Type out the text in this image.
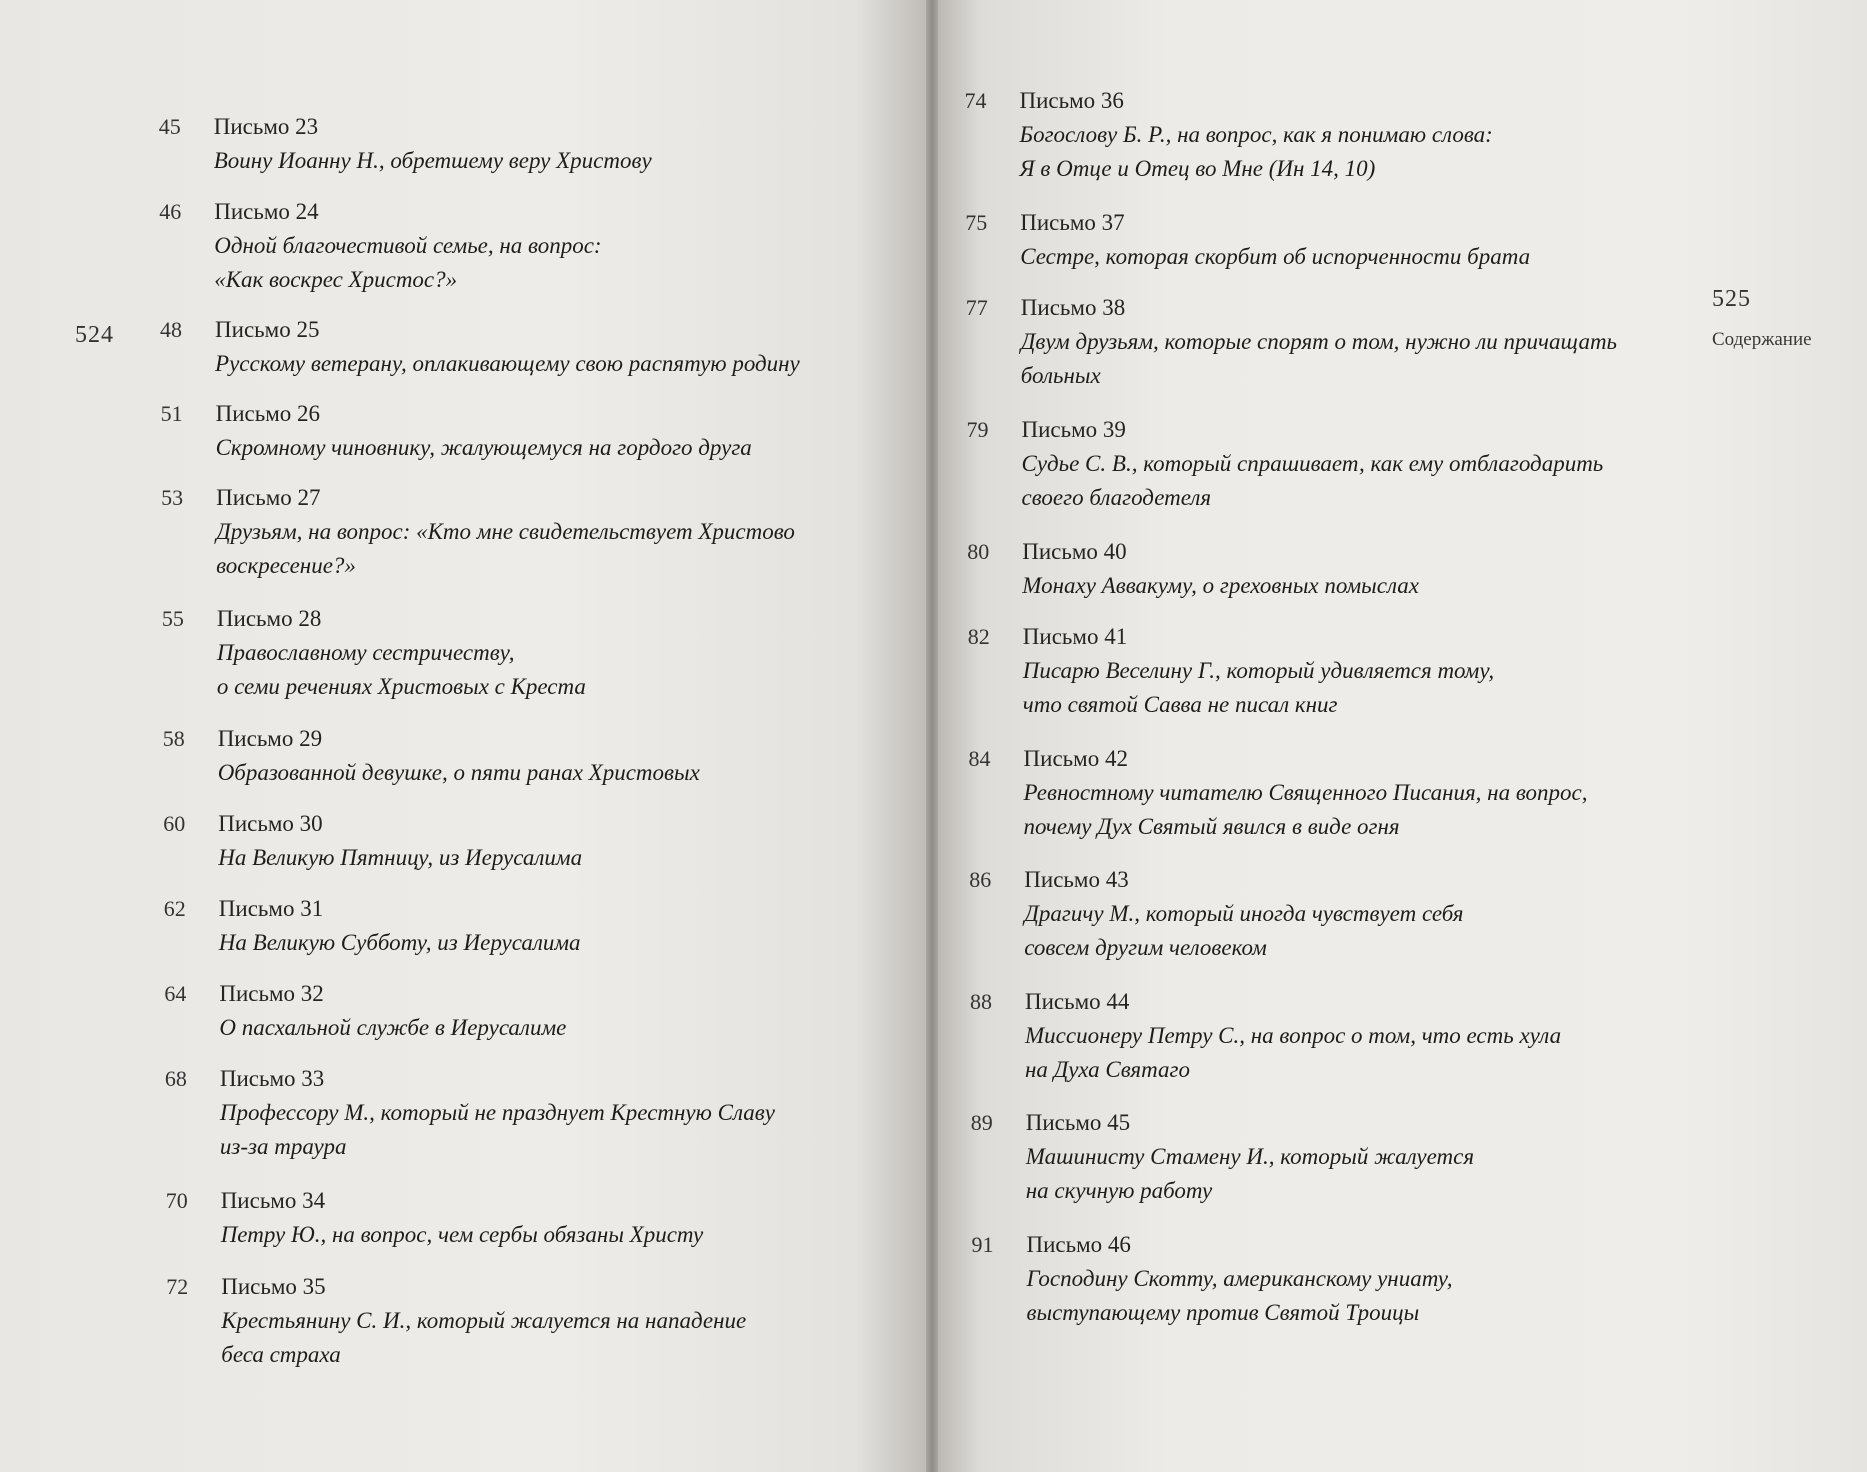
524
45	Письмо 23
Воину Иоанну Н., обретшему веру Христову
46	Письмо 24
Одной благочестивой семье, на вопрос:
«Как воскрес Христос?»
48	Письмо 25
Русскому ветерану, оплакивающему свою распятую родину
51	Письмо 26
Скромному чиновнику, жалующемуся на гордого друга
53	Письмо 27
Друзьям, на вопрос: «Кто мне свидетельствует Христово
воскресение?»
55	Письмо 28
Православному сестричеству,
о семи речениях Христовых с Креста
58	Письмо 29
Образованной девушке, о пяти ранах Христовых
60	Письмо 30
На Великую Пятницу, из Иерусалима
62	Письмо 31
На Великую Субботу, из Иерусалима
64	Письмо 32
О пасхальной службе в Иерусалиме
68	Письмо 33
Профессору М., который не празднует Крестную Славу
из-за траура
70	Письмо 34
Петру Ю., на вопрос, чем сербы обязаны Христу
72	Письмо 35
Крестьянину С. И., который жалуется на нападение
беса страха
74	Письмо 36
Богослову Б. Р., на вопрос, как я понимаю слова:
Я в Отце и Отец во Мне (Ин 14, 10)
75	Письмо 37
Сестре, которая скорбит об испорченности брата
77	Письмо 38
Двум друзьям, которые спорят о том, нужно ли причащать
больных
79	Письмо 39
Судье С. В., который спрашивает, как ему отблагодарить
своего благодетеля
80	Письмо 40
Монаху Аввакуму, о греховных помыслах
82	Письмо 41
Писарю Веселину Г., который удивляется тому,
что святой Савва не писал книг
84	Письмо 42
Ревностному читателю Священного Писания, на вопрос,
почему Дух Святый явился в виде огня
86	Письмо 43
Драгичу М., который иногда чувствует себя
совсем другим человеком
88	Письмо 44
Миссионеру Петру С., на вопрос о том, что есть хула
на Духа Святаго
89	Письмо 45
Машинисту Стамену И., который жалуется
на скучную работу
91	Письмо 46
Господину Скотту, американскому униату,
выступающему против Святой Троицы
525
Содержание
